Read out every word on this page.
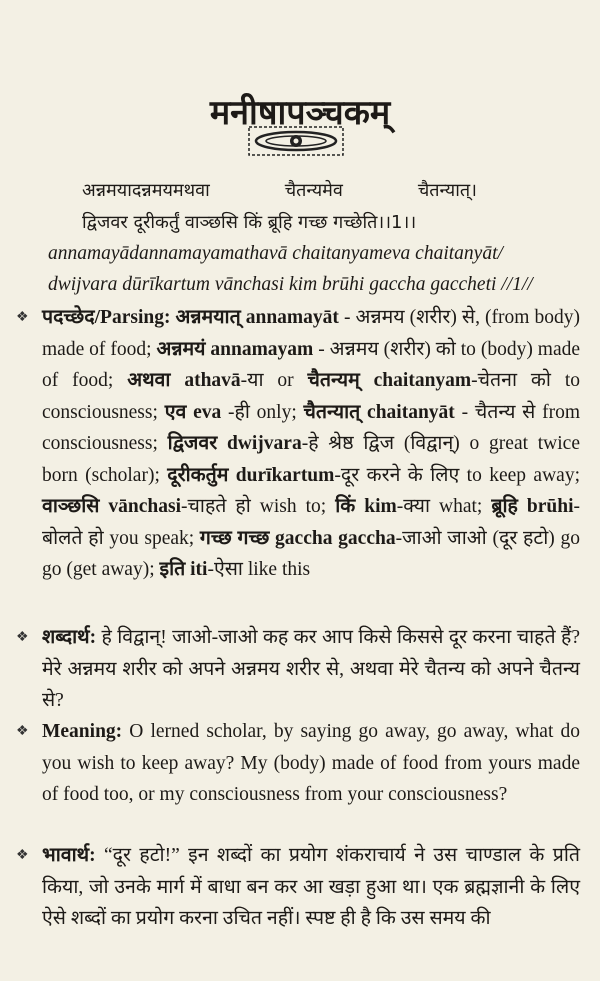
मनीषापञ्चकम्
अन्नमयादन्नमयमथवा	चैतन्यमेव	चैतन्यात्।
द्विजवर दूरीकर्तुं वाञ्छसि किं ब्रूहि गच्छ गच्छेति।।1।।
annamayādannamayamathavā chaitanyameva chaitanyāt/
dwijvara dūrīkartum vānchasi kim brūhi gaccha gaccheti //1//
❖ पदच्छेद/Parsing: अन्नमयात् annamayāt - अन्नमय (शरीर) से, (from body) made of food; अन्नमयं annamayam - अन्नमय (शरीर) को to (body) made of food; अथवा athavā-या or चैतन्यम् chaitanyam-चेतना को to consciousness; एव eva -ही only; चैतन्यात् chaitanyāt - चैतन्य से from consciousness; द्विजवर dwijvara-हे श्रेष्ठ द्विज (विद्वान्) o great twice born (scholar); दूरीकर्तुम durīkartum-दूर करने के लिए to keep away; वाञ्छसि vānchasi-चाहते हो wish to; किं kim-क्या what; ब्रूहि brūhi-बोलते हो you speak; गच्छ गच्छ gaccha gaccha-जाओ जाओ (दूर हटो) go go (get away); इति iti-ऐसा like this
❖ शब्दार्थ: हे विद्वान्! जाओ-जाओ कह कर आप किसे किससे दूर करना चाहते हैं? मेरे अन्नमय शरीर को अपने अन्नमय शरीर से, अथवा मेरे चैतन्य को अपने चैतन्य से?
❖ Meaning: O lerned scholar, by saying go away, go away, what do you wish to keep away? My (body) made of food from yours made of food too, or my consciousness from your consciousness?
❖ भावार्थ: “दूर हटो!” इन शब्दों का प्रयोग शंकराचार्य ने उस चाण्डाल के प्रति किया, जो उनके मार्ग में बाधा बन कर आ खड़ा हुआ था। एक ब्रह्मज्ञानी के लिए ऐसे शब्दों का प्रयोग करना उचित नहीं। स्पष्ट ही है कि उस समय की
